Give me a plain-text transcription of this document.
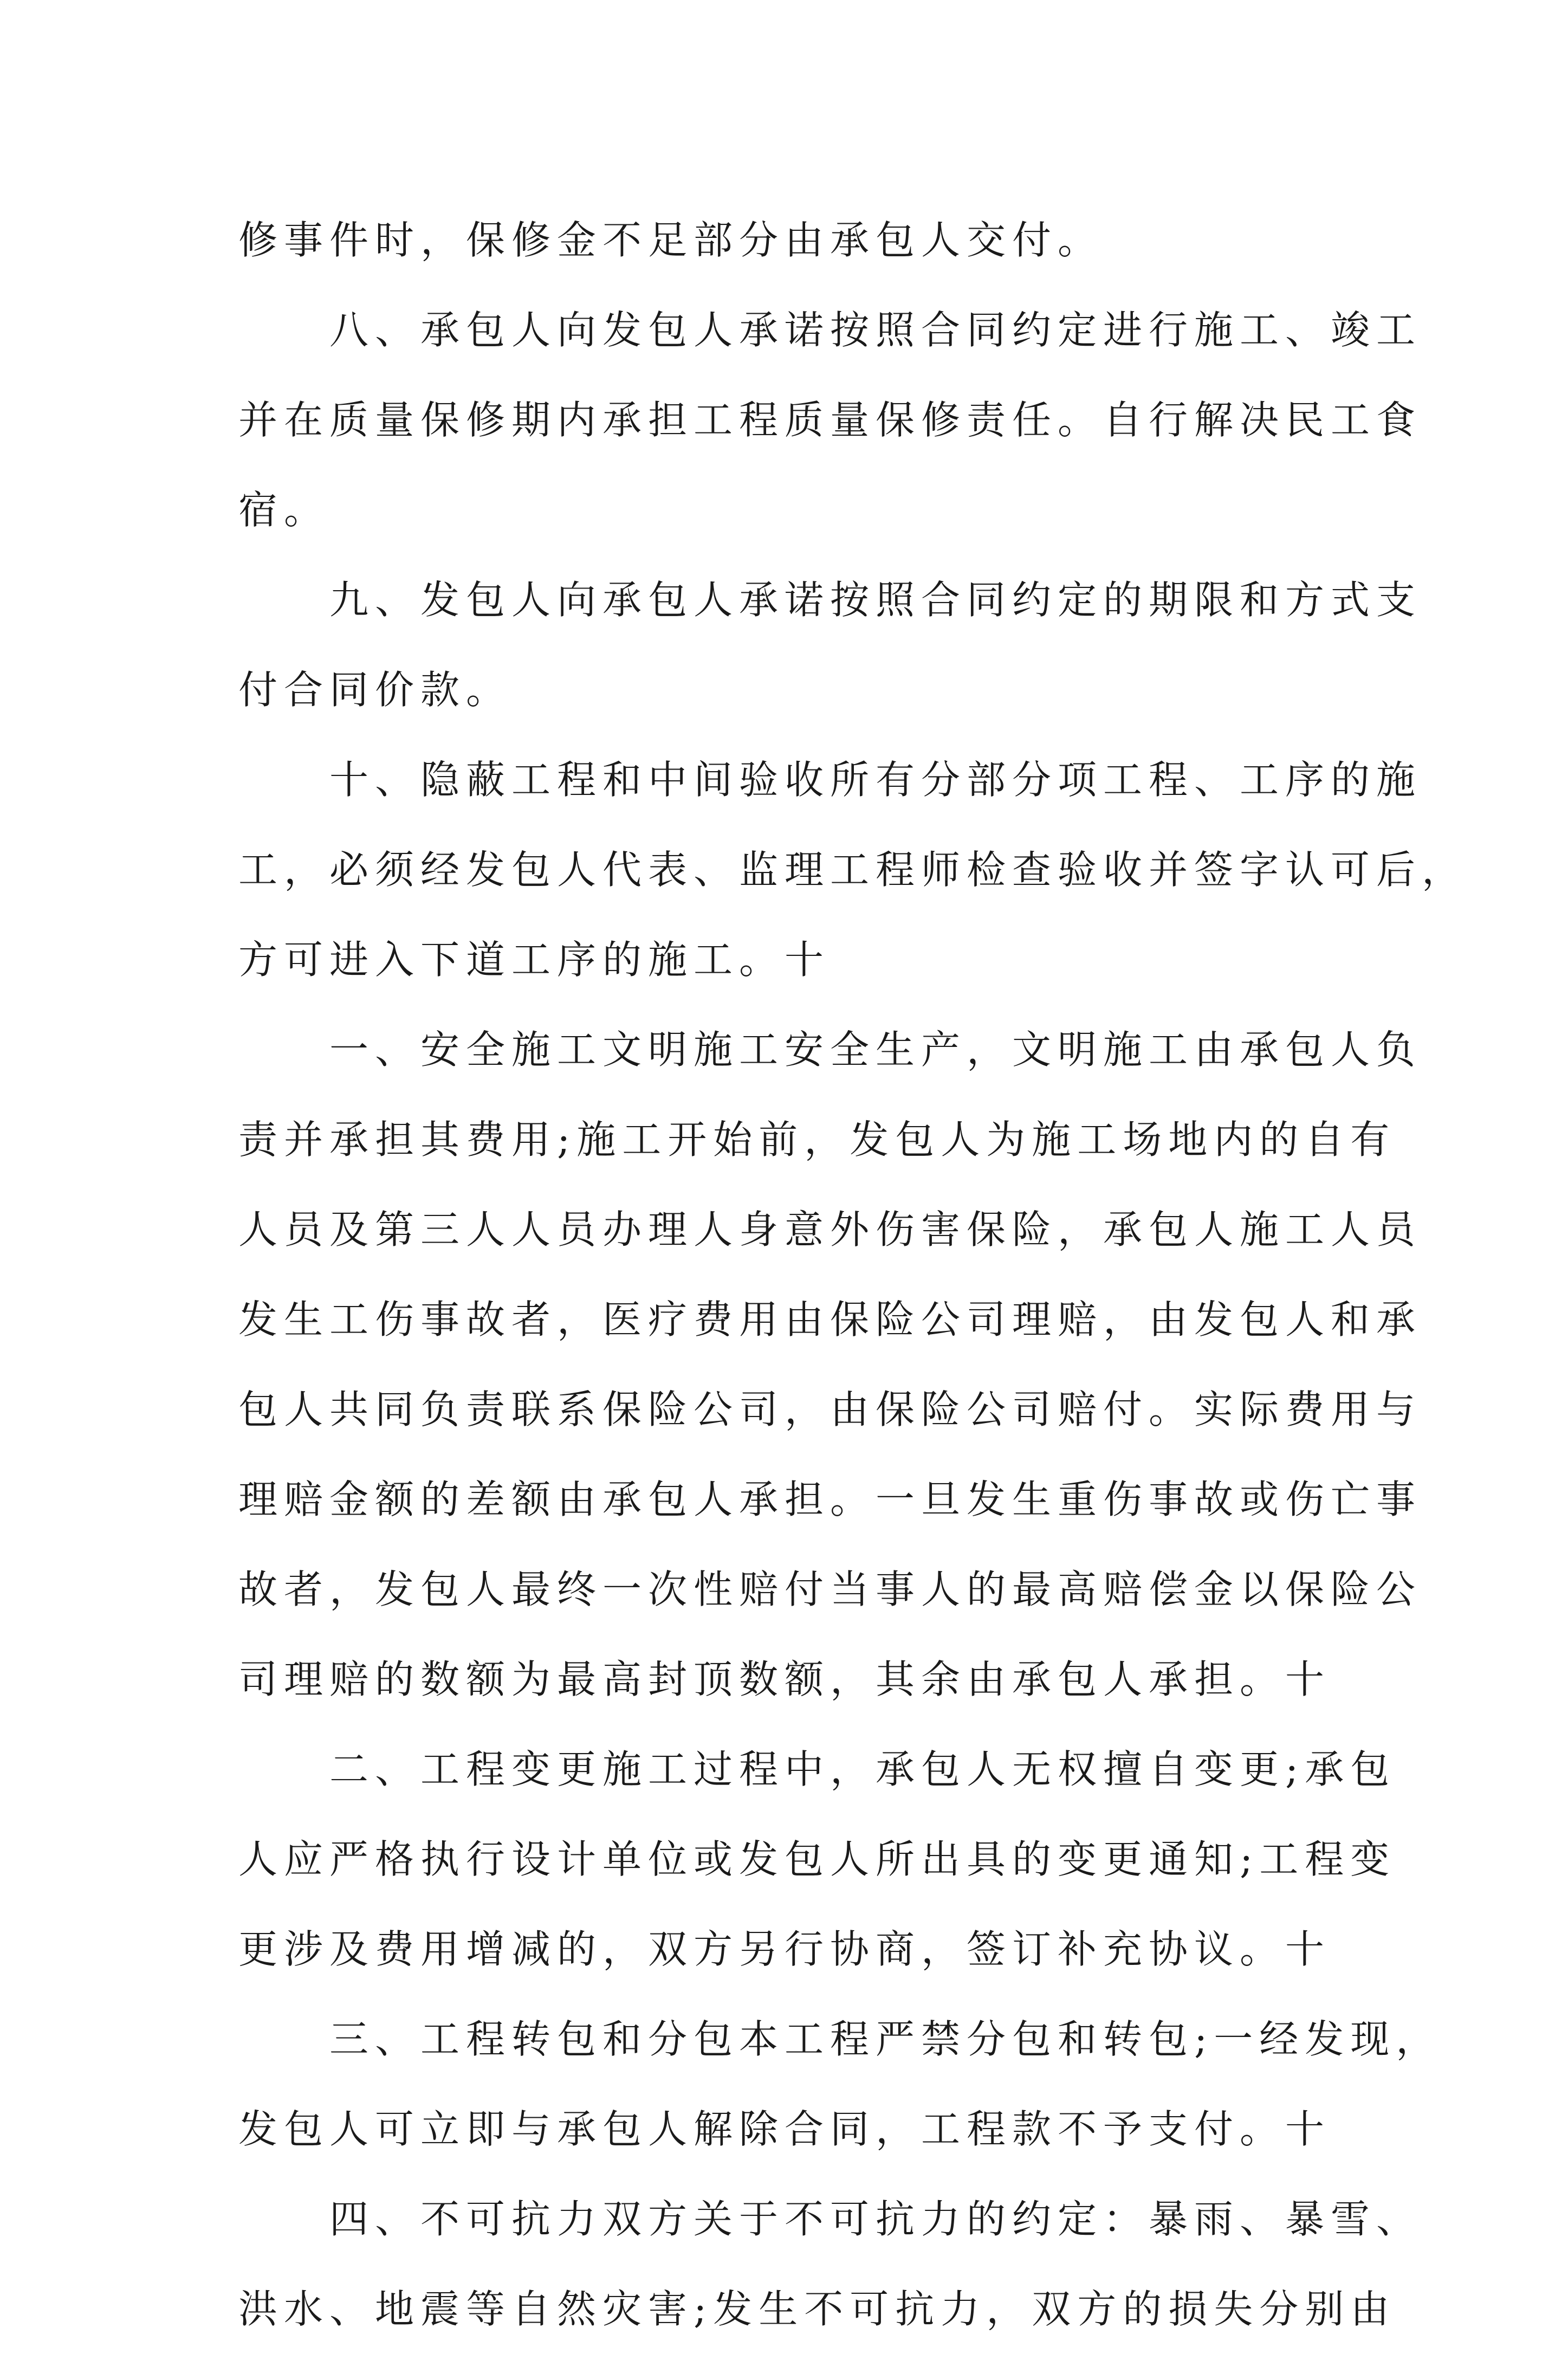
修事件时，保修金不足部分由承包人交付。
八、承包人向发包人承诺按照合同约定进行施工、竣工
并在质量保修期内承担工程质量保修责任。自行解决民工食
宿。
九、发包人向承包人承诺按照合同约定的期限和方式支
付合同价款。
十、隐蔽工程和中间验收所有分部分项工程、工序的施
工，必须经发包人代表、监理工程师检查验收并签字认可后，
方可进入下道工序的施工。十
一、安全施工文明施工安全生产，文明施工由承包人负
责并承担其费用;施工开始前，发包人为施工场地内的自有
人员及第三人人员办理人身意外伤害保险，承包人施工人员
发生工伤事故者，医疗费用由保险公司理赔，由发包人和承
包人共同负责联系保险公司，由保险公司赔付。实际费用与
理赔金额的差额由承包人承担。一旦发生重伤事故或伤亡事
故者，发包人最终一次性赔付当事人的最高赔偿金以保险公
司理赔的数额为最高封顶数额，其余由承包人承担。十
二、工程变更施工过程中，承包人无权擅自变更;承包
人应严格执行设计单位或发包人所出具的变更通知;工程变
更涉及费用增减的，双方另行协商，签订补充协议。十
三、工程转包和分包本工程严禁分包和转包;一经发现，
发包人可立即与承包人解除合同，工程款不予支付。十
四、不可抗力双方关于不可抗力的约定：暴雨、暴雪、
洪水、地震等自然灾害;发生不可抗力，双方的损失分别由
